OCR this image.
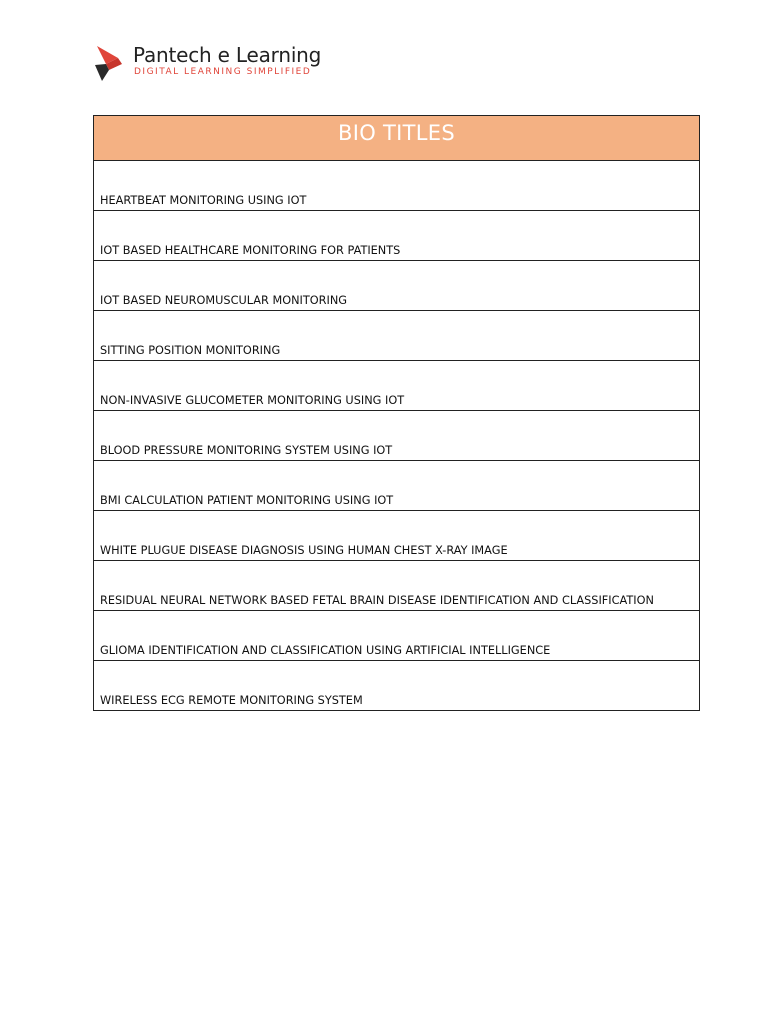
Pantech e Learning
DIGITAL LEARNING SIMPLIFIED
BIO TITLES
HEARTBEAT MONITORING USING IOT
IOT BASED HEALTHCARE MONITORING FOR PATIENTS
IOT BASED NEUROMUSCULAR MONITORING
SITTING POSITION MONITORING
NON-INVASIVE GLUCOMETER MONITORING USING IOT
BLOOD PRESSURE MONITORING SYSTEM USING IOT
BMI CALCULATION PATIENT MONITORING USING IOT
WHITE PLUGUE DISEASE DIAGNOSIS USING HUMAN CHEST X-RAY IMAGE
RESIDUAL NEURAL NETWORK BASED FETAL BRAIN DISEASE IDENTIFICATION AND CLASSIFICATION
GLIOMA IDENTIFICATION AND CLASSIFICATION USING ARTIFICIAL INTELLIGENCE
WIRELESS ECG REMOTE MONITORING SYSTEM
